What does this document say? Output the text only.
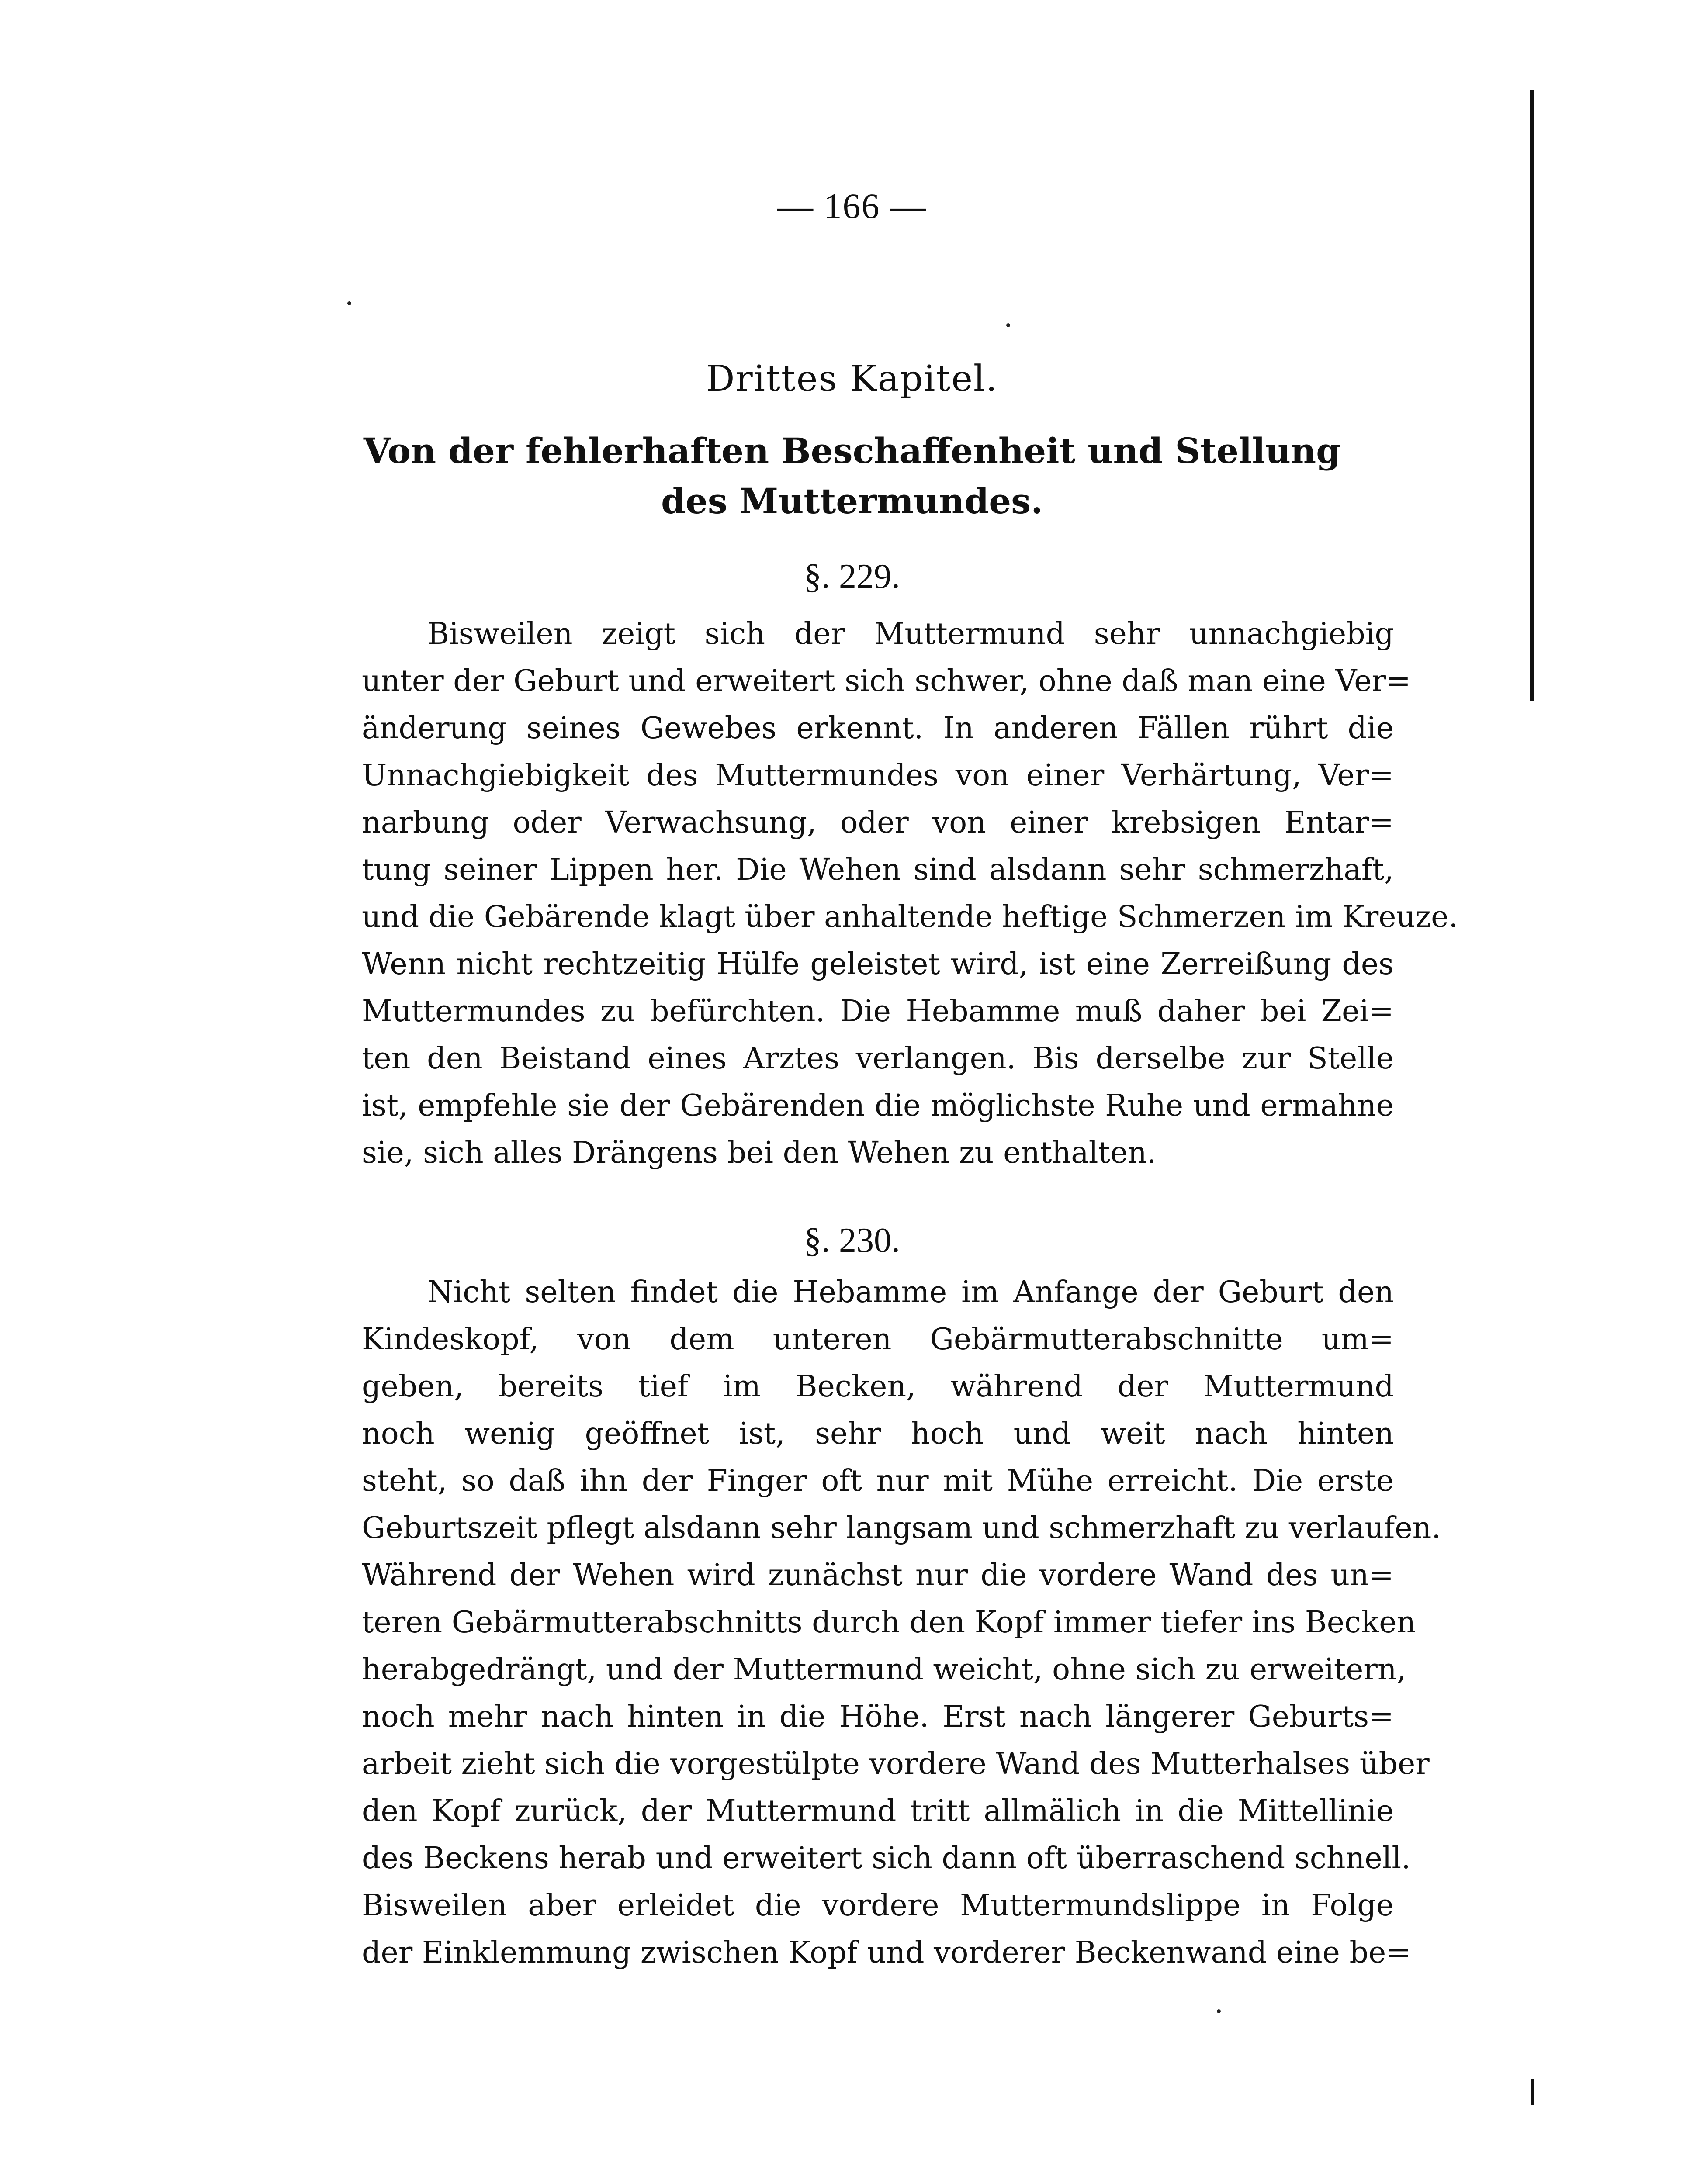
— 166 —
Drittes Kapitel.
Von der fehlerhaften Beschaffenheit und Stellung des Muttermundes.
§. 229.
Bisweilen zeigt sich der Muttermund sehr unnachgiebig
unter der Geburt und erweitert sich schwer, ohne daß man eine Ver=
änderung seines Gewebes erkennt. In anderen Fällen rührt die
Unnachgiebigkeit des Muttermundes von einer Verhärtung, Ver=
narbung oder Verwachsung, oder von einer krebsigen Entar=
tung seiner Lippen her. Die Wehen sind alsdann sehr schmerzhaft,
und die Gebärende klagt über anhaltende heftige Schmerzen im Kreuze.
Wenn nicht rechtzeitig Hülfe geleistet wird, ist eine Zerreißung des
Muttermundes zu befürchten. Die Hebamme muß daher bei Zei=
ten den Beistand eines Arztes verlangen. Bis derselbe zur Stelle
ist, empfehle sie der Gebärenden die möglichste Ruhe und ermahne
sie, sich alles Drängens bei den Wehen zu enthalten.
§. 230.
Nicht selten findet die Hebamme im Anfange der Geburt den
Kindeskopf, von dem unteren Gebärmutterabschnitte um=
geben, bereits tief im Becken, während der Muttermund
noch wenig geöffnet ist, sehr hoch und weit nach hinten
steht, so daß ihn der Finger oft nur mit Mühe erreicht. Die erste
Geburtszeit pflegt alsdann sehr langsam und schmerzhaft zu verlaufen.
Während der Wehen wird zunächst nur die vordere Wand des un=
teren Gebärmutterabschnitts durch den Kopf immer tiefer ins Becken
herabgedrängt, und der Muttermund weicht, ohne sich zu erweitern,
noch mehr nach hinten in die Höhe. Erst nach längerer Geburts=
arbeit zieht sich die vorgestülpte vordere Wand des Mutterhalses über
den Kopf zurück, der Muttermund tritt allmälich in die Mittellinie
des Beckens herab und erweitert sich dann oft überraschend schnell.
Bisweilen aber erleidet die vordere Muttermundslippe in Folge
der Einklemmung zwischen Kopf und vorderer Beckenwand eine be=
